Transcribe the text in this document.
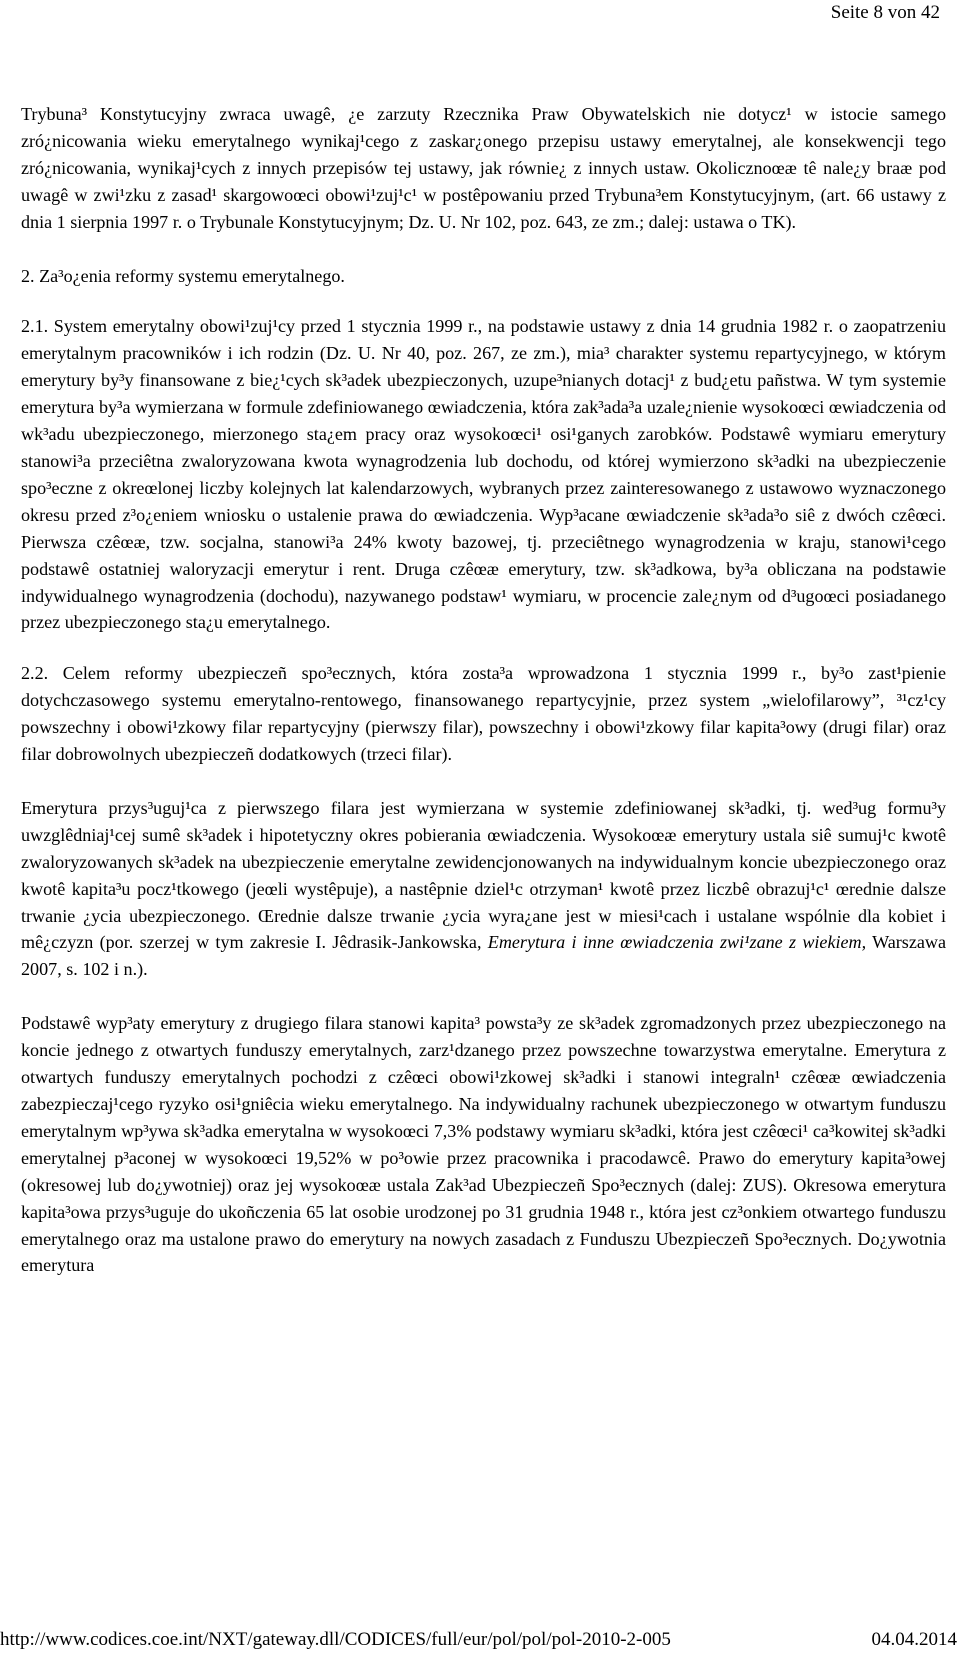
Seite 8 von 42

Trybuna³ Konstytucyjny zwraca uwagê, ¿e zarzuty Rzecznika Praw Obywatelskich nie dotycz¹ w istocie samego zró¿nicowania wieku emerytalnego wynikaj¹cego z zaskar¿onego przepisu ustawy emerytalnej, ale konsekwencji tego zró¿nicowania, wynikaj¹cych z innych przepisów tej ustawy, jak równie¿ z innych ustaw. Okolicznoœæ tê nale¿y braæ pod uwagê w zwi¹zku z zasad¹ skargowoœci obowi¹zuj¹c¹ w postêpowaniu przed Trybuna³em Konstytucyjnym, (art. 66 ustawy z dnia 1 sierpnia 1997 r. o Trybunale Konstytucyjnym; Dz. U. Nr 102, poz. 643, ze zm.; dalej: ustawa o TK).

2. Za³o¿enia reformy systemu emerytalnego.

2.1. System emerytalny obowi¹zuj¹cy przed 1 stycznia 1999 r., na podstawie ustawy z dnia 14 grudnia 1982 r. o zaopatrzeniu emerytalnym pracowników i ich rodzin (Dz. U. Nr 40, poz. 267, ze zm.), mia³ charakter systemu repartycyjnego, w którym emerytury by³y finansowane z bie¿¹cych sk³adek ubezpieczonych, uzupe³nianych dotacj¹ z bud¿etu pañstwa. W tym systemie emerytura by³a wymierzana w formule zdefiniowanego œwiadczenia, która zak³ada³a uzale¿nienie wysokoœci œwiadczenia od wk³adu ubezpieczonego, mierzonego sta¿em pracy oraz wysokoœci¹ osi¹ganych zarobków. Podstawê wymiaru emerytury stanowi³a przeciêtna zwaloryzowana kwota wynagrodzenia lub dochodu, od której wymierzono sk³adki na ubezpieczenie spo³eczne z okreœlonej liczby kolejnych lat kalendarzowych, wybranych przez zainteresowanego z ustawowo wyznaczonego okresu przed z³o¿eniem wniosku o ustalenie prawa do œwiadczenia. Wyp³acane œwiadczenie sk³ada³o siê z dwóch czêœci. Pierwsza czêœæ, tzw. socjalna, stanowi³a 24% kwoty bazowej, tj. przeciêtnego wynagrodzenia w kraju, stanowi¹cego podstawê ostatniej waloryzacji emerytur i rent. Druga czêœæ emerytury, tzw. sk³adkowa, by³a obliczana na podstawie indywidualnego wynagrodzenia (dochodu), nazywanego podstaw¹ wymiaru, w procencie zale¿nym od d³ugoœci posiadanego przez ubezpieczonego sta¿u emerytalnego.

2.2. Celem reformy ubezpieczeñ spo³ecznych, która zosta³a wprowadzona 1 stycznia 1999 r., by³o zast¹pienie dotychczasowego systemu emerytalno-rentowego, finansowanego repartycyjnie, przez system „wielofilarowy”, ³¹cz¹cy powszechny i obowi¹zkowy filar repartycyjny (pierwszy filar), powszechny i obowi¹zkowy filar kapita³owy (drugi filar) oraz filar dobrowolnych ubezpieczeñ dodatkowych (trzeci filar).

Emerytura przys³uguj¹ca z pierwszego filara jest wymierzana w systemie zdefiniowanej sk³adki, tj. wed³ug formu³y uwzglêdniaj¹cej sumê sk³adek i hipotetyczny okres pobierania œwiadczenia. Wysokoœæ emerytury ustala siê sumuj¹c kwotê zwaloryzowanych sk³adek na ubezpieczenie emerytalne zewidencjonowanych na indywidualnym koncie ubezpieczonego oraz kwotê kapita³u pocz¹tkowego (jeœli wystêpuje), a nastêpnie dziel¹c otrzyman¹ kwotê przez liczbê obrazuj¹c¹ œrednie dalsze trwanie ¿ycia ubezpieczonego. Œrednie dalsze trwanie ¿ycia wyra¿ane jest w miesi¹cach i ustalane wspólnie dla kobiet i mê¿czyzn (por. szerzej w tym zakresie I. Jêdrasik-Jankowska, Emerytura i inne œwiadczenia zwi¹zane z wiekiem, Warszawa 2007, s. 102 i n.).

Podstawê wyp³aty emerytury z drugiego filara stanowi kapita³ powsta³y ze sk³adek zgromadzonych przez ubezpieczonego na koncie jednego z otwartych funduszy emerytalnych, zarz¹dzanego przez powszechne towarzystwa emerytalne. Emerytura z otwartych funduszy emerytalnych pochodzi z czêœci obowi¹zkowej sk³adki i stanowi integraln¹ czêœæ œwiadczenia zabezpieczaj¹cego ryzyko osi¹gniêcia wieku emerytalnego. Na indywidualny rachunek ubezpieczonego w otwartym funduszu emerytalnym wp³ywa sk³adka emerytalna w wysokoœci 7,3% podstawy wymiaru sk³adki, która jest czêœci¹ ca³kowitej sk³adki emerytalnej p³aconej w wysokoœci 19,52% w po³owie przez pracownika i pracodawcê. Prawo do emerytury kapita³owej (okresowej lub do¿ywotniej) oraz jej wysokoœæ ustala Zak³ad Ubezpieczeñ Spo³ecznych (dalej: ZUS). Okresowa emerytura kapita³owa przys³uguje do ukoñczenia 65 lat osobie urodzonej po 31 grudnia 1948 r., która jest cz³onkiem otwartego funduszu emerytalnego oraz ma ustalone prawo do emerytury na nowych zasadach z Funduszu Ubezpieczeñ Spo³ecznych. Do¿ywotnia emerytura

http://www.codices.coe.int/NXT/gateway.dll/CODICES/full/eur/pol/pol/pol-2010-2-005	04.04.2014
